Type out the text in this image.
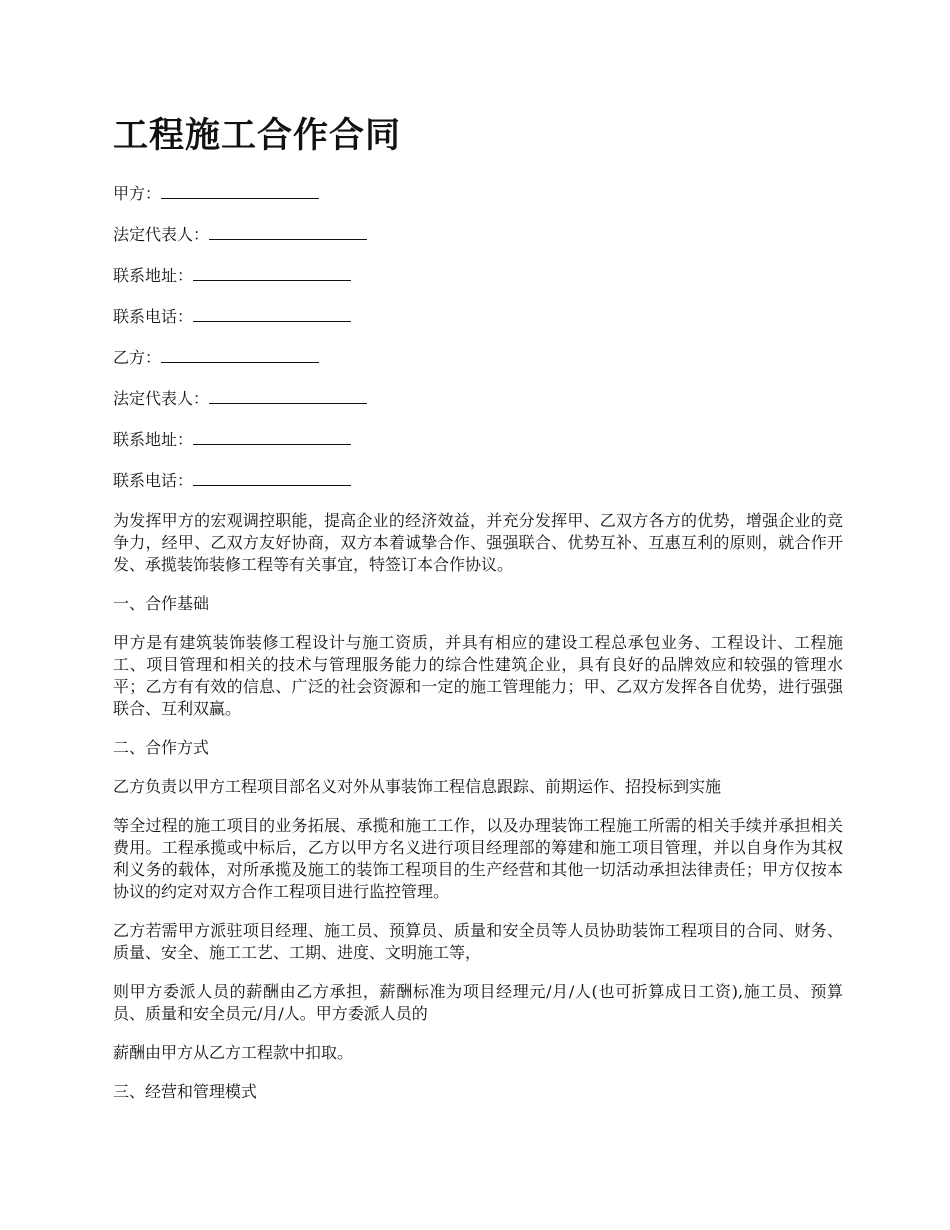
工程施工合作合同
甲方：
法定代表人：
联系地址：
联系电话：
乙方：
法定代表人：
联系地址：
联系电话：

为发挥甲方的宏观调控职能，提高企业的经济效益，并充分发挥甲、乙双方各方的优势，增强企业的竞争力，经甲、乙双方友好协商，双方本着诚挚合作、强强联合、优势互补、互惠互利的原则，就合作开发、承揽装饰装修工程等有关事宜，特签订本合作协议。

一、合作基础

甲方是有建筑装饰装修工程设计与施工资质，并具有相应的建设工程总承包业务、工程设计、工程施工、项目管理和相关的技术与管理服务能力的综合性建筑企业，具有良好的品牌效应和较强的管理水平；乙方有有效的信息、广泛的社会资源和一定的施工管理能力；甲、乙双方发挥各自优势，进行强强联合、互利双赢。

二、合作方式

乙方负责以甲方工程项目部名义对外从事装饰工程信息跟踪、前期运作、招投标到实施

等全过程的施工项目的业务拓展、承揽和施工工作，以及办理装饰工程施工所需的相关手续并承担相关费用。工程承揽或中标后，乙方以甲方名义进行项目经理部的筹建和施工项目管理，并以自身作为其权利义务的载体，对所承揽及施工的装饰工程项目的生产经营和其他一切活动承担法律责任；甲方仅按本协议的约定对双方合作工程项目进行监控管理。

乙方若需甲方派驻项目经理、施工员、预算员、质量和安全员等人员协助装饰工程项目的合同、财务、质量、安全、施工工艺、工期、进度、文明施工等，

则甲方委派人员的薪酬由乙方承担，薪酬标准为项目经理元/月/人(也可折算成日工资),施工员、预算员、质量和安全员元/月/人。甲方委派人员的

薪酬由甲方从乙方工程款中扣取。

三、经营和管理模式
